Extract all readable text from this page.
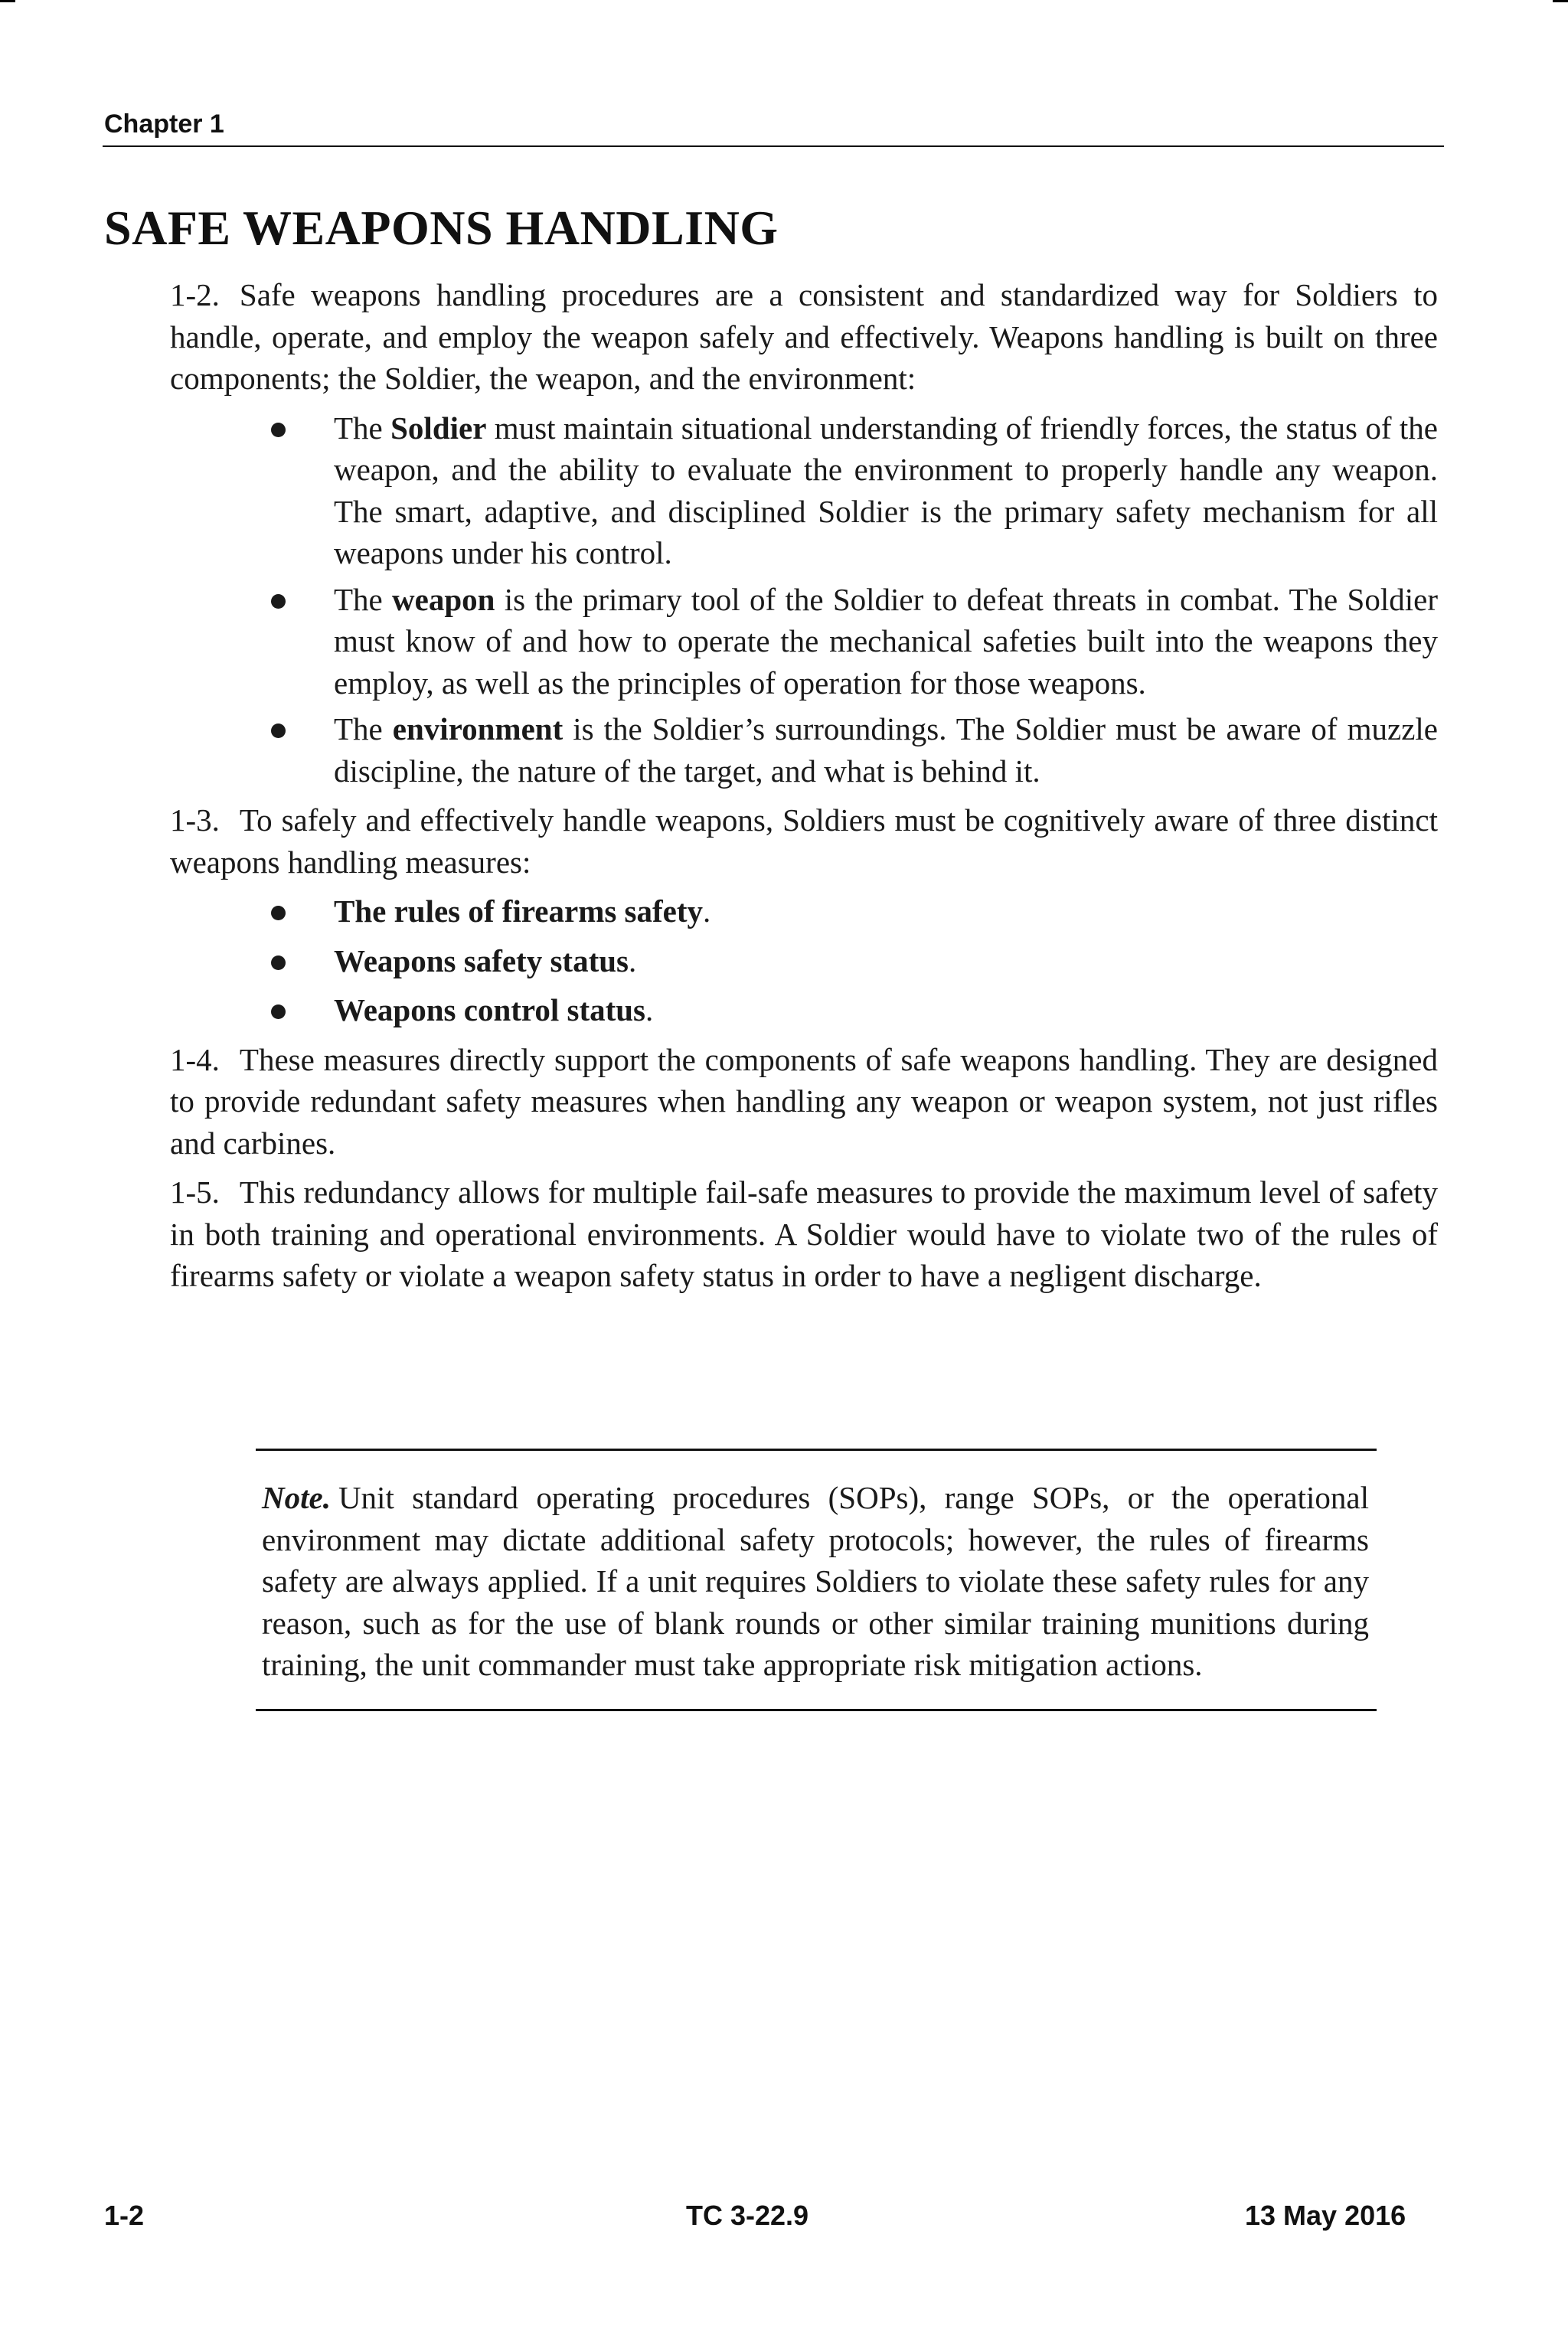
Chapter 1
SAFE WEAPONS HANDLING

1-2. Safe weapons handling procedures are a consistent and standardized way for Soldiers to handle, operate, and employ the weapon safely and effectively. Weapons handling is built on three components; the Soldier, the weapon, and the environment:

The Soldier must maintain situational understanding of friendly forces, the status of the weapon, and the ability to evaluate the environment to properly handle any weapon. The smart, adaptive, and disciplined Soldier is the primary safety mechanism for all weapons under his control.
The weapon is the primary tool of the Soldier to defeat threats in combat. The Soldier must know of and how to operate the mechanical safeties built into the weapons they employ, as well as the principles of operation for those weapons.
The environment is the Soldier’s surroundings. The Soldier must be aware of muzzle discipline, the nature of the target, and what is behind it.

1-3. To safely and effectively handle weapons, Soldiers must be cognitively aware of three distinct weapons handling measures:

The rules of firearms safety.
Weapons safety status.
Weapons control status.

1-4. These measures directly support the components of safe weapons handling. They are designed to provide redundant safety measures when handling any weapon or weapon system, not just rifles and carbines.

1-5. This redundancy allows for multiple fail-safe measures to provide the maximum level of safety in both training and operational environments. A Soldier would have to violate two of the rules of firearms safety or violate a weapon safety status in order to have a negligent discharge.

Note. Unit standard operating procedures (SOPs), range SOPs, or the operational environment may dictate additional safety protocols; however, the rules of firearms safety are always applied. If a unit requires Soldiers to violate these safety rules for any reason, such as for the use of blank rounds or other similar training munitions during training, the unit commander must take appropriate risk mitigation actions.

1-2	TC 3-22.9	13 May 2016
